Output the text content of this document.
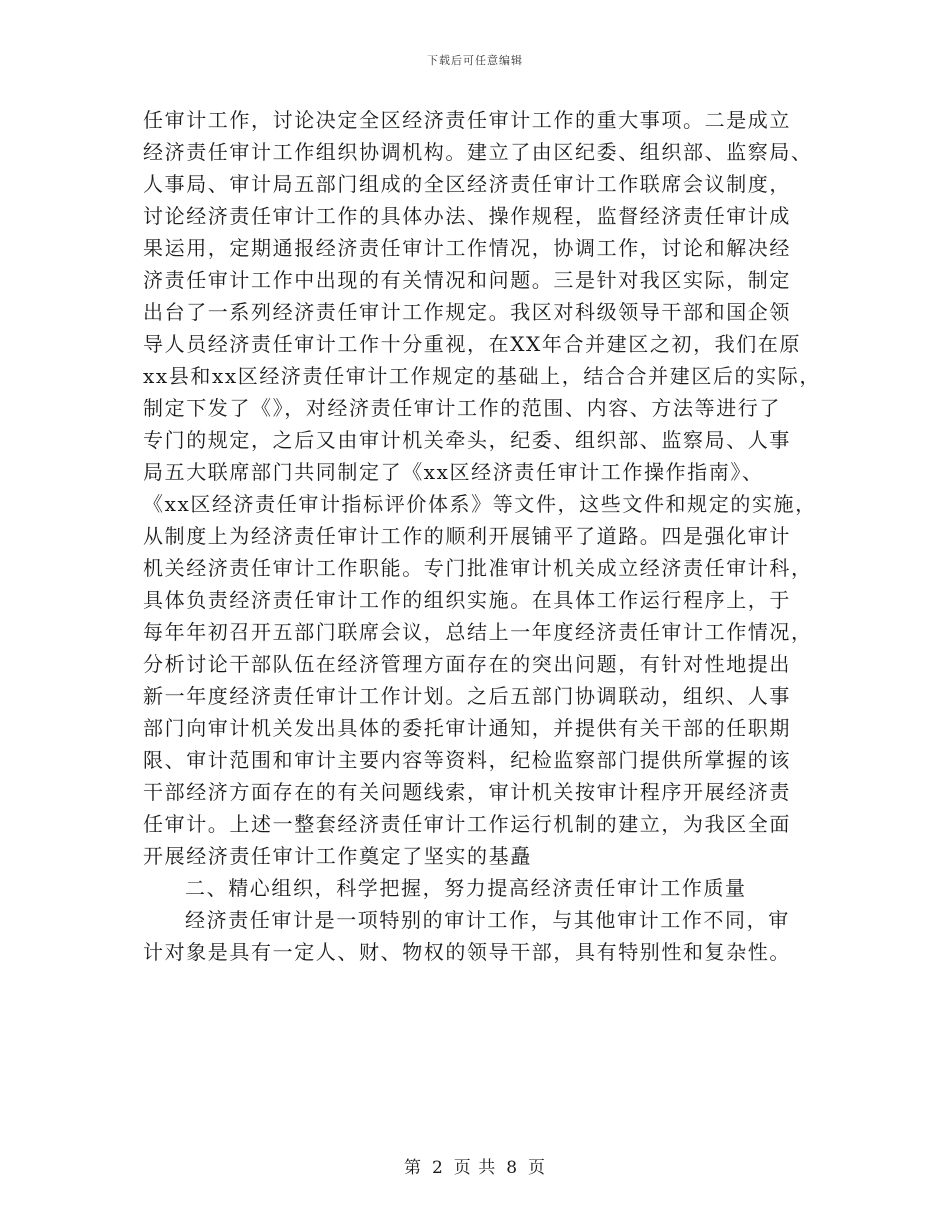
下载后可任意编辑
任审计工作，讨论决定全区经济责任审计工作的重大事项。二是成立
经济责任审计工作组织协调机构。建立了由区纪委、组织部、监察局、
人事局、审计局五部门组成的全区经济责任审计工作联席会议制度，
讨论经济责任审计工作的具体办法、操作规程，监督经济责任审计成
果运用，定期通报经济责任审计工作情况，协调工作，讨论和解决经
济责任审计工作中出现的有关情况和问题。三是针对我区实际，制定
出台了一系列经济责任审计工作规定。我区对科级领导干部和国企领
导人员经济责任审计工作十分重视，在XX年合并建区之初，我们在原
xx县和xx区经济责任审计工作规定的基础上，结合合并建区后的实际，
制定下发了《》，对经济责任审计工作的范围、内容、方法等进行了
专门的规定，之后又由审计机关牵头，纪委、组织部、监察局、人事
局五大联席部门共同制定了《xx区经济责任审计工作操作指南》、
《xx区经济责任审计指标评价体系》等文件，这些文件和规定的实施，
从制度上为经济责任审计工作的顺利开展铺平了道路。四是强化审计
机关经济责任审计工作职能。专门批准审计机关成立经济责任审计科，
具体负责经济责任审计工作的组织实施。在具体工作运行程序上，于
每年年初召开五部门联席会议，总结上一年度经济责任审计工作情况，
分析讨论干部队伍在经济管理方面存在的突出问题，有针对性地提出
新一年度经济责任审计工作计划。之后五部门协调联动，组织、人事
部门向审计机关发出具体的委托审计通知，并提供有关干部的任职期
限、审计范围和审计主要内容等资料，纪检监察部门提供所掌握的该
干部经济方面存在的有关问题线索，审计机关按审计程序开展经济责
任审计。上述一整套经济责任审计工作运行机制的建立，为我区全面
开展经济责任审计工作奠定了坚实的基矗
二、精心组织，科学把握，努力提高经济责任审计工作质量
经济责任审计是一项特别的审计工作，与其他审计工作不同，审
计对象是具有一定人、财、物权的领导干部，具有特别性和复杂性。
第 2 页 共 8 页
